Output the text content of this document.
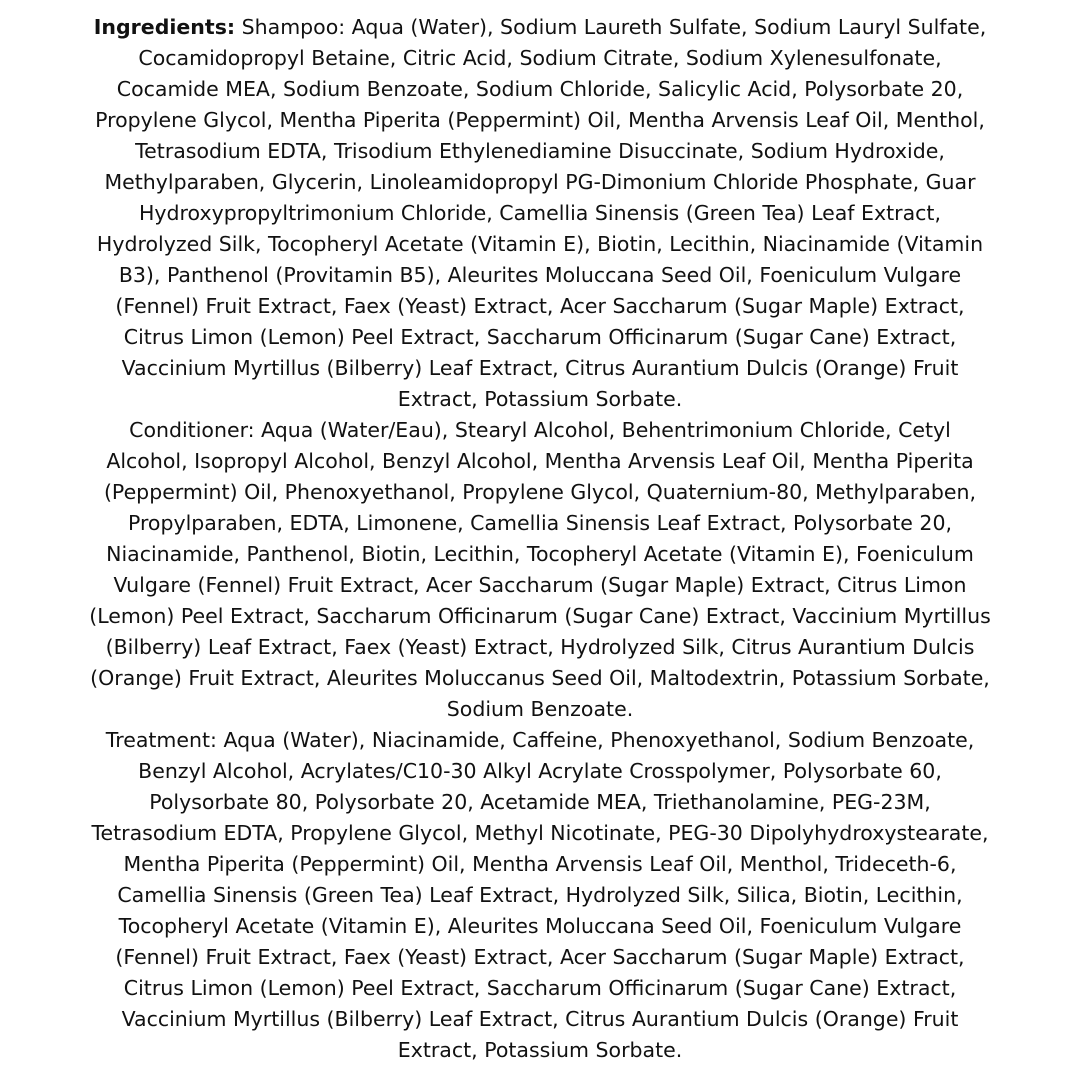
Ingredients: Shampoo: Aqua (Water), Sodium Laureth Sulfate, Sodium Lauryl Sulfate, Cocamidopropyl Betaine, Citric Acid, Sodium Citrate, Sodium Xylenesulfonate, Cocamide MEA, Sodium Benzoate, Sodium Chloride, Salicylic Acid, Polysorbate 20, Propylene Glycol, Mentha Piperita (Peppermint) Oil, Mentha Arvensis Leaf Oil, Menthol, Tetrasodium EDTA, Trisodium Ethylenediamine Disuccinate, Sodium Hydroxide, Methylparaben, Glycerin, Linoleamidopropyl PG-Dimonium Chloride Phosphate, Guar Hydroxypropyltrimonium Chloride, Camellia Sinensis (Green Tea) Leaf Extract, Hydrolyzed Silk, Tocopheryl Acetate (Vitamin E), Biotin, Lecithin, Niacinamide (Vitamin B3), Panthenol (Provitamin B5), Aleurites Moluccana Seed Oil, Foeniculum Vulgare (Fennel) Fruit Extract, Faex (Yeast) Extract, Acer Saccharum (Sugar Maple) Extract, Citrus Limon (Lemon) Peel Extract, Saccharum Officinarum (Sugar Cane) Extract, Vaccinium Myrtillus (Bilberry) Leaf Extract, Citrus Aurantium Dulcis (Orange) Fruit Extract, Potassium Sorbate.

Conditioner: Aqua (Water/Eau), Stearyl Alcohol, Behentrimonium Chloride, Cetyl Alcohol, Isopropyl Alcohol, Benzyl Alcohol, Mentha Arvensis Leaf Oil, Mentha Piperita (Peppermint) Oil, Phenoxyethanol, Propylene Glycol, Quaternium-80, Methylparaben, Propylparaben, EDTA, Limonene, Camellia Sinensis Leaf Extract, Polysorbate 20, Niacinamide, Panthenol, Biotin, Lecithin, Tocopheryl Acetate (Vitamin E), Foeniculum Vulgare (Fennel) Fruit Extract, Acer Saccharum (Sugar Maple) Extract, Citrus Limon (Lemon) Peel Extract, Saccharum Officinarum (Sugar Cane) Extract, Vaccinium Myrtillus (Bilberry) Leaf Extract, Faex (Yeast) Extract, Hydrolyzed Silk, Citrus Aurantium Dulcis (Orange) Fruit Extract, Aleurites Moluccanus Seed Oil, Maltodextrin, Potassium Sorbate, Sodium Benzoate.

Treatment: Aqua (Water), Niacinamide, Caffeine, Phenoxyethanol, Sodium Benzoate, Benzyl Alcohol, Acrylates/C10-30 Alkyl Acrylate Crosspolymer, Polysorbate 60, Polysorbate 80, Polysorbate 20, Acetamide MEA, Triethanolamine, PEG-23M, Tetrasodium EDTA, Propylene Glycol, Methyl Nicotinate, PEG-30 Dipolyhydroxystearate, Mentha Piperita (Peppermint) Oil, Mentha Arvensis Leaf Oil, Menthol, Trideceth-6, Camellia Sinensis (Green Tea) Leaf Extract, Hydrolyzed Silk, Silica, Biotin, Lecithin, Tocopheryl Acetate (Vitamin E), Aleurites Moluccana Seed Oil, Foeniculum Vulgare (Fennel) Fruit Extract, Faex (Yeast) Extract, Acer Saccharum (Sugar Maple) Extract, Citrus Limon (Lemon) Peel Extract, Saccharum Officinarum (Sugar Cane) Extract, Vaccinium Myrtillus (Bilberry) Leaf Extract, Citrus Aurantium Dulcis (Orange) Fruit Extract, Potassium Sorbate.
